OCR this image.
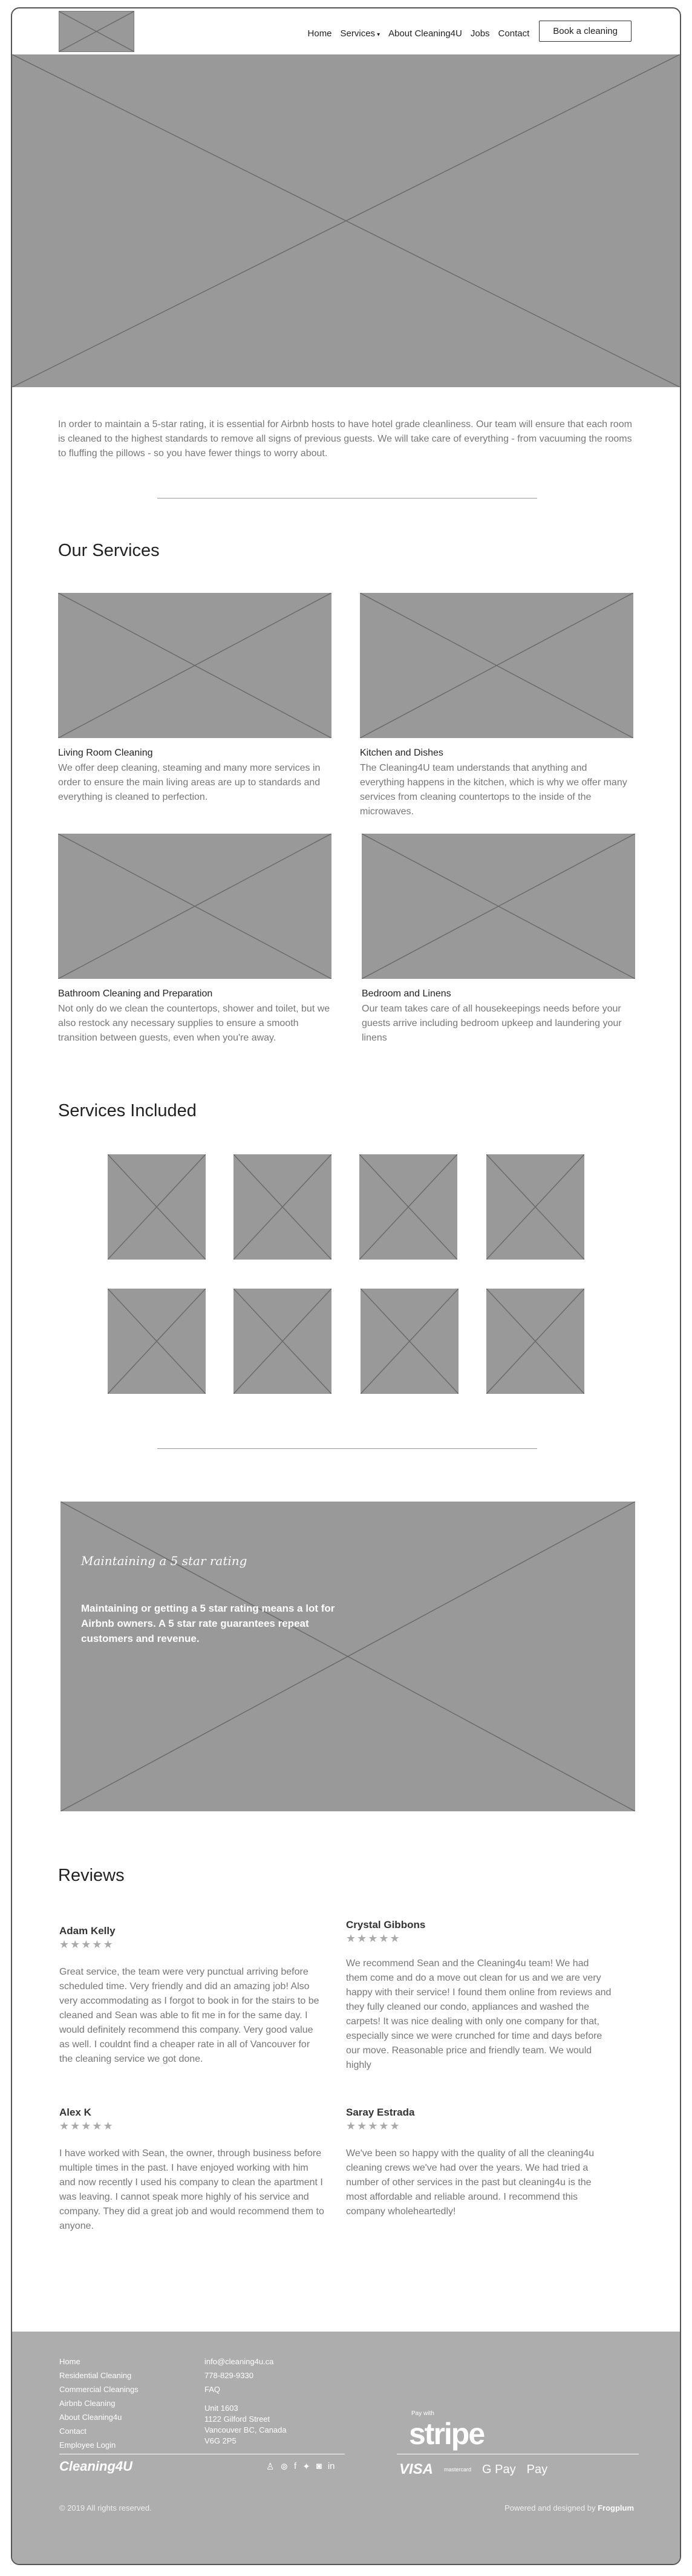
Home Services ▾ About Cleaning4U Jobs Contact	Book a cleaning

In order to maintain a 5-star rating, it is essential for Airbnb hosts to have hotel grade cleanliness. Our team will ensure that each room is cleaned to the highest standards to remove all signs of previous guests. We will take care of everything - from vacuuming the rooms to fluffing the pillows - so you have fewer things to worry about.

Our Services
Living Room Cleaning
We offer deep cleaning, steaming and many more services in order to ensure the main living areas are up to standards and everything is cleaned to perfection.
Kitchen and Dishes
The Cleaning4U team understands that anything and everything happens in the kitchen, which is why we offer many services from cleaning countertops to the inside of the microwaves.
Bathroom Cleaning and Preparation
Not only do we clean the countertops, shower and toilet, but we also restock any necessary supplies to ensure a smooth transition between guests, even when you're away.
Bedroom and Linens
Our team takes care of all housekeepings needs before your guests arrive including bedroom upkeep and laundering your linens
Services Included
Maintaining a 5 star rating
Maintaining or getting a 5 star rating means a lot for Airbnb owners. A 5 star rate guarantees repeat customers and revenue.
Reviews
Adam Kelly
★★★★★
Great service, the team were very punctual arriving before scheduled time. Very friendly and did an amazing job! Also very accommodating as I forgot to book in for the stairs to be cleaned and Sean was able to fit me in for the same day. I would definitely recommend this company. Very good value as well. I couldnt find a cheaper rate in all of Vancouver for the cleaning service we got done.
Crystal Gibbons
★★★★★
We recommend Sean and the Cleaning4u team! We had them come and do a move out clean for us and we are very happy with their service! I found them online from reviews and they fully cleaned our condo, appliances and washed the carpets! It was nice dealing with only one company for that, especially since we were crunched for time and days before our move. Reasonable price and friendly team. We would highly
Alex K
★★★★★
I have worked with Sean, the owner, through business before multiple times in the past. I have enjoyed working with him and now recently I used his company to clean the apartment I was leaving. I cannot speak more highly of his service and company. They did a great job and would recommend them to anyone.
Saray Estrada
★★★★★
We've been so happy with the quality of all the cleaning4u cleaning crews we've had over the years. We had tried a number of other services in the past but cleaning4u is the most affordable and reliable around. I recommend this company wholeheartedly!
Home
Residential Cleaning
Commercial Cleanings
Airbnb Cleaning
About Cleaning4u
Contact
Employee Login
info@cleaning4u.ca
778-829-9330
FAQ
Unit 1603
1122 Gilford Street
Vancouver BC, Canada
V6G 2P5
Cleaning4U	♙ ⊚ f ✦ ◙ in
Pay with
stripe
VISA mastercard G Pay Pay
© 2019 All rights reserved.	Powered and designed by Frogplum
